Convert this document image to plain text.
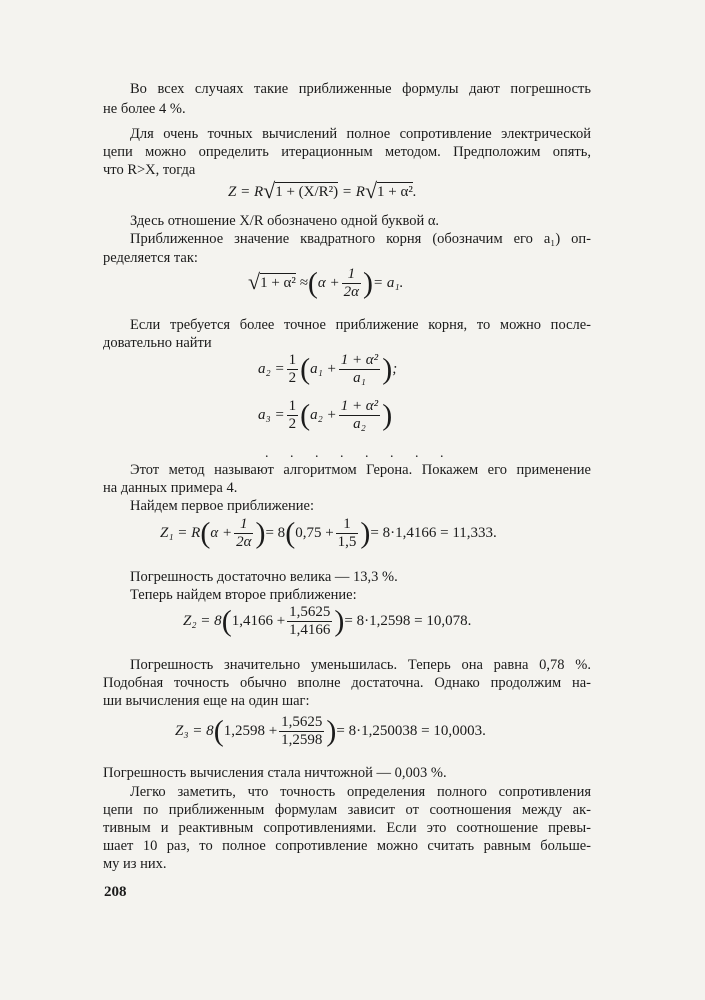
Во всех случаях такие приближенные формулы дают погрешность
не более 4 %.
Для очень точных вычислений полное сопротивление электрической
цепи можно определить итерационным методом. Предположим опять,
что R>X, тогда
Z = R√1 + (X/R²) = R√1 + α².
Здесь отношение X/R обозначено одной буквой α.
Приближенное значение квадратного корня (обозначим его a₁) оп-
ределяется так:
$√1 + \alpha^2 \approx(\alpha + \frac{1}{2\alpha}$ )= a₁.
Если требуется более точное приближение корня, то можно после-
довательно найти
$a_2 = \frac{1}{2} (a_1 + \frac{\text{1 + α²}}{\text{a₁}}$ );
$a_3 = \frac{1}{2} (a_2 + \frac{\text{1 + α²}}{\text{a₂}}$ )
. . . . . . . .
Этот метод называют алгоритмом Герона. Покажем его применение
на данных примера 4.
Найдем первое приближение:
$Z_1 = R(\alpha + \frac{1}{2\alpha}$ )= $8(0,75 + \frac{1}{1,5}$ )= 8·1,4166 = 11,333.
Погрешность достаточно велика — 13,3 %.
Теперь найдем второе приближение:
$Z_2 = 8(1,4166 + \frac{1,5625}{1,4166}$ )= 8·1,2598 = 10,078.
Погрешность значительно уменьшилась. Теперь она равна 0,78 %.
Подобная точность обычно вполне достаточна. Однако продолжим на-
ши вычисления еще на один шаг:
$Z_3 = 8(1,2598 + \frac{1,5625}{1,2598}$ )= 8·1,250038 = 10,0003.
Погрешность вычисления стала ничтожной — 0,003 %.
Легко заметить, что точность определения полного сопротивления
цепи по приближенным формулам зависит от соотношения между ак-
тивным и реактивным сопротивлениями. Если это соотношение превы-
шает 10 раз, то полное сопротивление можно считать равным больше-
му из них.
208
